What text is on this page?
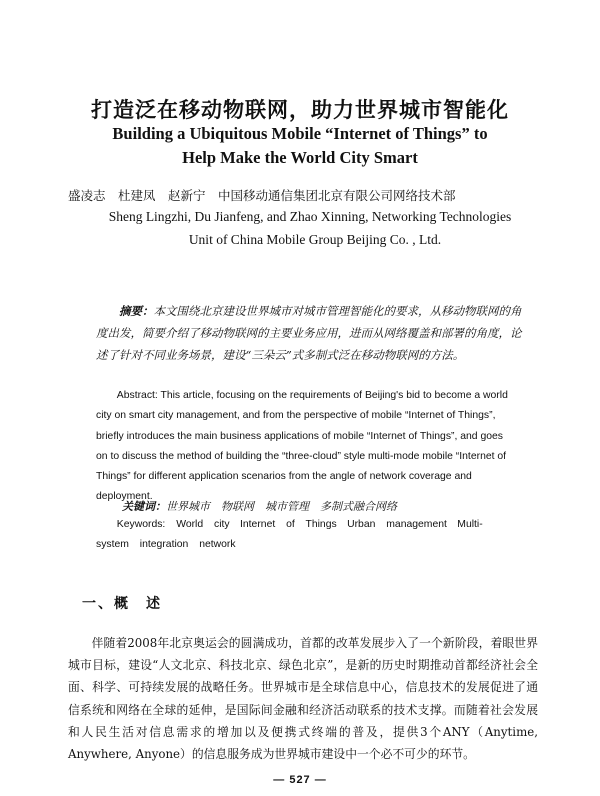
打造泛在移动物联网，助力世界城市智能化
Building a Ubiquitous Mobile “Internet of Things” to
Help Make the World City Smart
盛凌志　杜建凤　赵新宁　中国移动通信集团北京有限公司网络技术部
Sheng Lingzhi, Du Jianfeng, and Zhao Xinning, Networking Technologies
Unit of China Mobile Group Beijing Co. , Ltd.
摘要：本文围绕北京建设世界城市对城市管理智能化的要求，从移动物联网的角度出发，简要介绍了移动物联网的主要业务应用，进而从网络覆盖和部署的角度，论述了针对不同业务场景，建设“三朵云”式多制式泛在移动物联网的方法。
Abstract: This article, focusing on the requirements of Beijing's bid to become a world city on smart city management, and from the perspective of mobile “Internet of Things”, briefly introduces the main business applications of mobile “Internet of Things”, and goes on to discuss the method of building the “three-cloud” style multi-mode mobile “Internet of Things” for different application scenarios from the angle of network coverage and deployment.
关键词：世界城市　物联网　城市管理　多制式融合网络
Keywords: World city　Internet of Things　Urban management　Multi-system integration network
一、概　述
伴随着2008年北京奥运会的圆满成功，首都的改革发展步入了一个新阶段，着眼世界城市目标，建设“人文北京、科技北京、绿色北京”，是新的历史时期推动首都经济社会全面、科学、可持续发展的战略任务。世界城市是全球信息中心，信息技术的发展促进了通信系统和网络在全球的延伸，是国际间金融和经济活动联系的技术支撑。而随着社会发展和人民生活对信息需求的增加以及便携式终端的普及，提供3个ANY（Anytime, Anywhere, Anyone）的信息服务成为世界城市建设中一个必不可少的环节。
— 527 —
